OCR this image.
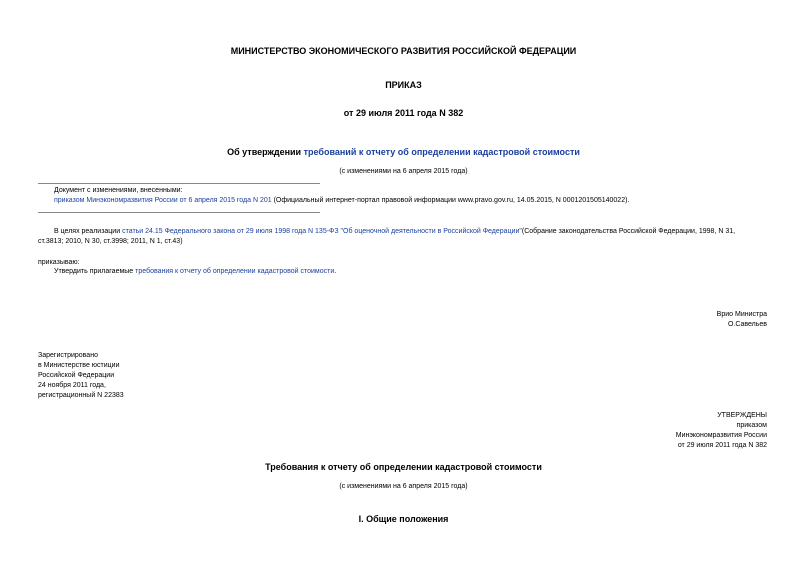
МИНИСТЕРСТВО ЭКОНОМИЧЕСКОГО РАЗВИТИЯ РОССИЙСКОЙ ФЕДЕРАЦИИ
ПРИКАЗ
от 29 июля 2011 года N 382
Об утверждении требований к отчету об определении кадастровой стоимости
(с изменениями на 6 апреля 2015 года)
Документ с изменениями, внесенными:
приказом Минэкономразвития России от 6 апреля 2015 года N 201 (Официальный интернет-портал правовой информации www.pravo.gov.ru, 14.05.2015, N 0001201505140022).
В целях реализации статьи 24.15 Федерального закона от 29 июля 1998 года N 135-ФЗ "Об оценочной деятельности в Российской Федерации"(Собрание законодательства Российской Федерации, 1998, N 31,
ст.3813; 2010, N 30, ст.3998; 2011, N 1, ст.43)
приказываю:
Утвердить прилагаемые требования к отчету об определении кадастровой стоимости.
Врио Министра
О.Савельев
Зарегистрировано
в Министерстве юстиции
Российской Федерации
24 ноября 2011 года,
регистрационный N 22383
УТВЕРЖДЕНЫ
приказом
Минэкономразвития России
от 29 июля 2011 года N 382
Требования к отчету об определении кадастровой стоимости
(с изменениями на 6 апреля 2015 года)
I. Общие положения
